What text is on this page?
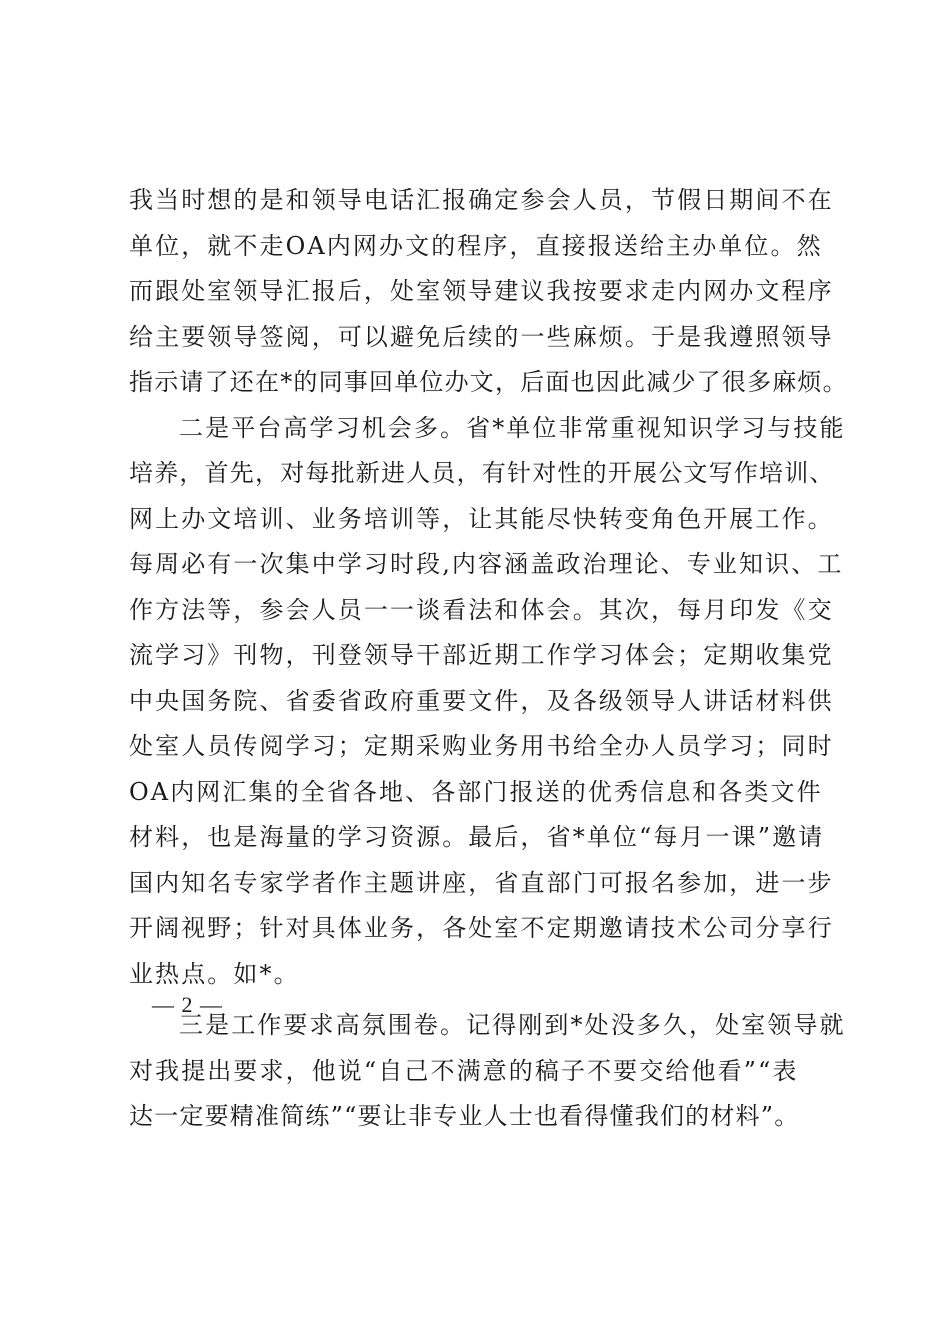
我当时想的是和领导电话汇报确定参会人员，节假日期间不在
单位，就不走OA内网办文的程序，直接报送给主办单位。然
而跟处室领导汇报后，处室领导建议我按要求走内网办文程序
给主要领导签阅，可以避免后续的一些麻烦。于是我遵照领导
指示请了还在*的同事回单位办文，后面也因此减少了很多麻烦。
二是平台高学习机会多。省*单位非常重视知识学习与技能
培养，首先，对每批新进人员，有针对性的开展公文写作培训、
网上办文培训、业务培训等，让其能尽快转变角色开展工作。
每周必有一次集中学习时段,内容涵盖政治理论、专业知识、工
作方法等，参会人员一一谈看法和体会。其次，每月印发《交
流学习》刊物，刊登领导干部近期工作学习体会；定期收集党
中央国务院、省委省政府重要文件，及各级领导人讲话材料供
处室人员传阅学习；定期采购业务用书给全办人员学习；同时
OA内网汇集的全省各地、各部门报送的优秀信息和各类文件
材料，也是海量的学习资源。最后，省*单位“每月一课”邀请
国内知名专家学者作主题讲座，省直部门可报名参加，进一步
开阔视野；针对具体业务，各处室不定期邀请技术公司分享行
业热点。如*。
三是工作要求高氛围卷。记得刚到*处没多久，处室领导就
对我提出要求，他说“自己不满意的稿子不要交给他看”“表
达一定要精准简练”“要让非专业人士也看得懂我们的材料”。
— 2 —
